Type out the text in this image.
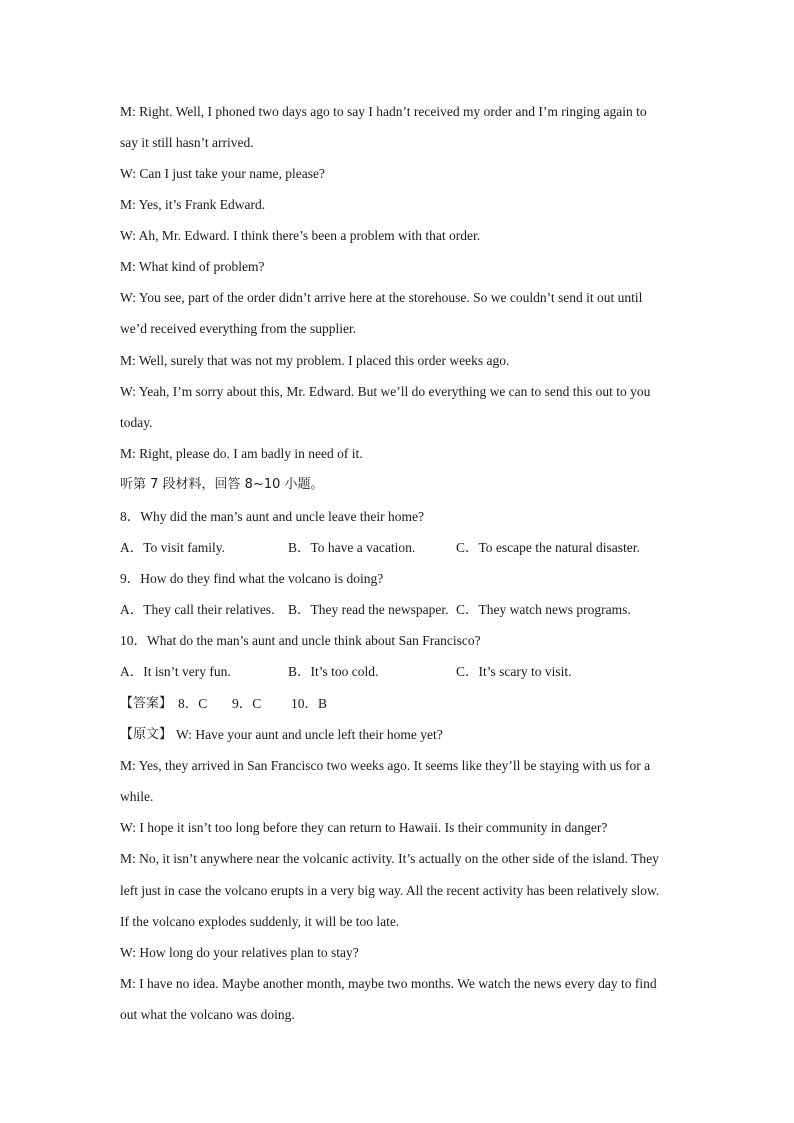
M: Right. Well, I phoned two days ago to say I hadn’t received my order and I’m ringing again to
say it still hasn’t arrived.
W: Can I just take your name, please?
M: Yes, it’s Frank Edward.
W: Ah, Mr. Edward. I think there’s been a problem with that order.
M: What kind of problem?
W: You see, part of the order didn’t arrive here at the storehouse. So we couldn’t send it out until
we’d received everything from the supplier.
M: Well, surely that was not my problem. I placed this order weeks ago.
W: Yeah, I’m sorry about this, Mr. Edward. But we’ll do everything we can to send this out to you
today.
M: Right, please do. I am badly in need of it.
听第 7 段材料，回答 8~10 小题。
8．Why did the man’s aunt and uncle leave their home?
A．To visit family.	B．To have a vacation.	C．To escape the natural disaster.
9．How do they find what the volcano is doing?
A．They call their relatives. B．They read the newspaper. C．They watch news programs.
10．What do the man’s aunt and uncle think about San Francisco?
A．It isn’t very fun.	B．It’s too cold.	C．It’s scary to visit.
【答案】 8．C 9．C 10．B
【原文】 W: Have your aunt and uncle left their home yet?
M: Yes, they arrived in San Francisco two weeks ago. It seems like they’ll be staying with us for a
while.
W: I hope it isn’t too long before they can return to Hawaii. Is their community in danger?
M: No, it isn’t anywhere near the volcanic activity. It’s actually on the other side of the island. They
left just in case the volcano erupts in a very big way. All the recent activity has been relatively slow.
If the volcano explodes suddenly, it will be too late.
W: How long do your relatives plan to stay?
M: I have no idea. Maybe another month, maybe two months. We watch the news every day to find
out what the volcano was doing.
